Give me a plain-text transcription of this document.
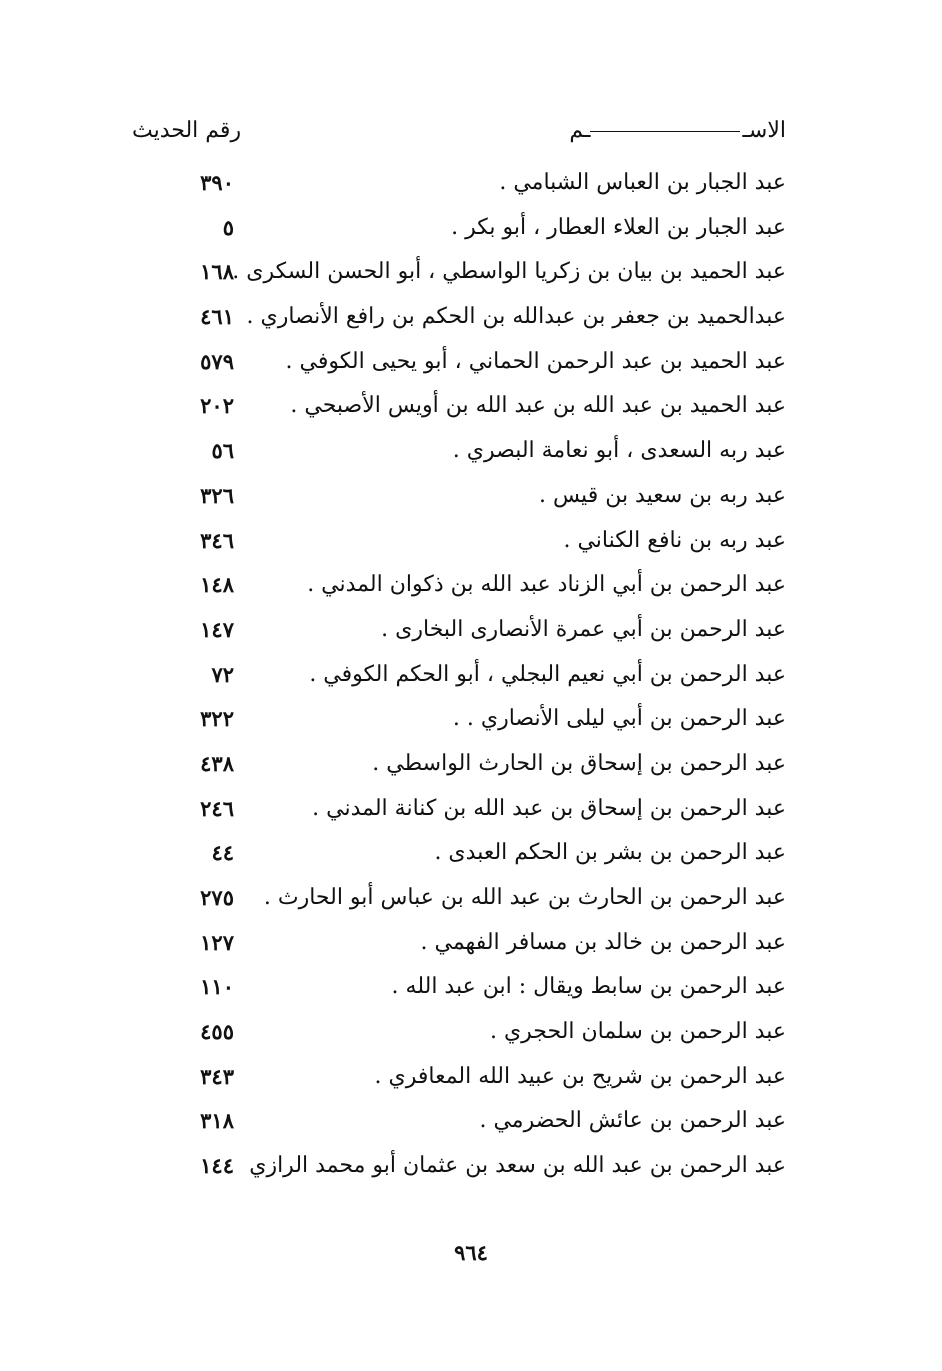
الاســم
رقم الحديث
عبد الجبار بن العباس الشبامي .
٣٩٠
عبد الجبار بن العلاء العطار ، أبو بكر .
٥
عبد الحميد بن بيان بن زكريا الواسطي ، أبو الحسن السكرى .
١٦٨
عبدالحميد بن جعفر بن عبدالله بن الحكم بن رافع الأنصاري .
٤٦١
عبد الحميد بن عبد الرحمن الحماني ، أبو يحيى الكوفي .
٥٧٩
عبد الحميد بن عبد الله بن عبد الله بن أويس الأصبحي .
٢٠٢
عبد ربه السعدى ، أبو نعامة البصري .
٥٦
عبد ربه بن سعيد بن قيس .
٣٢٦
عبد ربه بن نافع الكناني .
٣٤٦
عبد الرحمن بن أبي الزناد عبد الله بن ذكوان المدني .
١٤٨
عبد الرحمن بن أبي عمرة الأنصارى البخارى .
١٤٧
عبد الرحمن بن أبي نعيم البجلي ، أبو الحكم الكوفي .
٧٢
عبد الرحمن بن أبي ليلى الأنصاري . .
٣٢٢
عبد الرحمن بن إسحاق بن الحارث الواسطي .
٤٣٨
عبد الرحمن بن إسحاق بن عبد الله بن كنانة المدني .
٢٤٦
عبد الرحمن بن بشر بن الحكم العبدى .
٤٤
عبد الرحمن بن الحارث بن عبد الله بن عباس أبو الحارث .
٢٧٥
عبد الرحمن بن خالد بن مسافر الفهمي .
١٢٧
عبد الرحمن بن سابط ويقال : ابن عبد الله .
١١٠
عبد الرحمن بن سلمان الحجري .
٤٥٥
عبد الرحمن بن شريح بن عبيد الله المعافري .
٣٤٣
عبد الرحمن بن عائش الحضرمي .
٣١٨
عبد الرحمن بن عبد الله بن سعد بن عثمان أبو محمد الرازي
١٤٤
٩٦٤
